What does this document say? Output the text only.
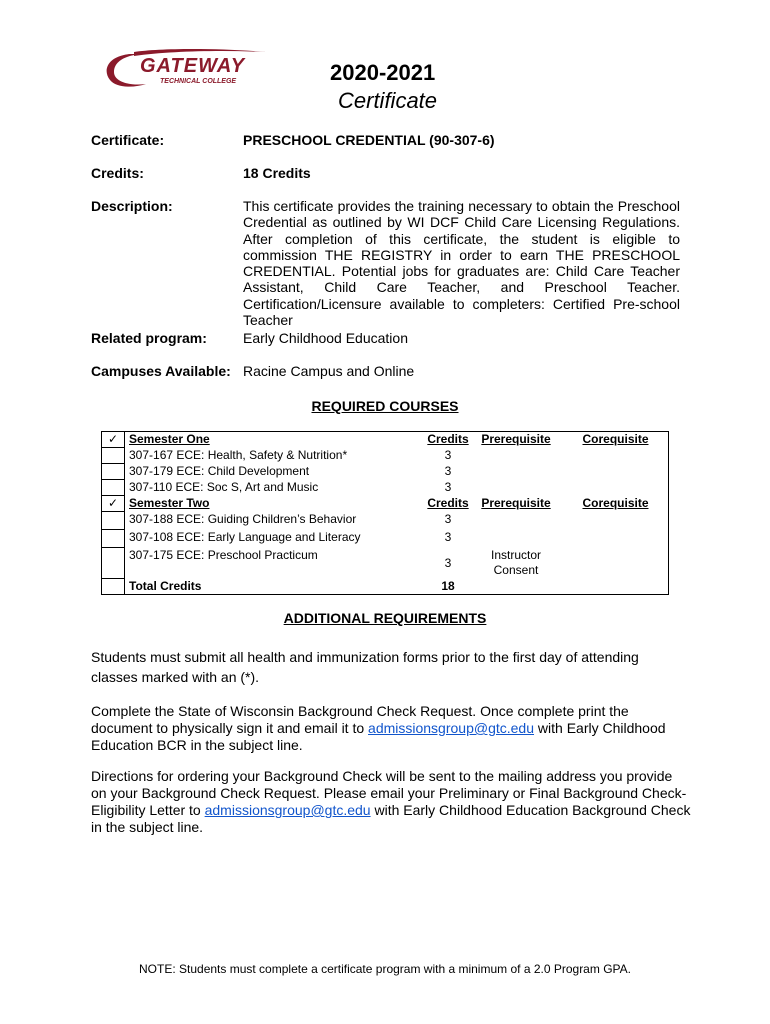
GATEWAY
TECHNICAL COLLEGE	2020-2021
Certificate
Certificate:	PRESCHOOL CREDENTIAL (90-307-6)
Credits:	18 Credits
Description:	This certificate provides the training necessary to obtain the Preschool Credential as outlined by WI DCF Child Care Licensing Regulations. After completion of this certificate, the student is eligible to commission THE REGISTRY in order to earn THE PRESCHOOL CREDENTIAL. Potential jobs for graduates are: Child Care Teacher Assistant, Child Care Teacher, and Preschool Teacher. Certification/Licensure available to completers: Certified Pre-school Teacher
Related program:	Early Childhood Education
Campuses Available: Racine Campus and Online
REQUIRED COURSES
✓	Semester One	Credits	Prerequisite	Corequisite
	307-167 ECE: Health, Safety & Nutrition*	3		
	307-179 ECE: Child Development	3		
	307-110 ECE: Soc S, Art and Music	3		
✓	Semester Two	Credits	Prerequisite	Corequisite
	307-188 ECE: Guiding Children’s Behavior	3		
	307-108 ECE: Early Language and Literacy	3		
	307-175 ECE: Preschool Practicum	3	Instructor
Consent	

	Total Credits	18		
ADDITIONAL REQUIREMENTS
Students must submit all health and immunization forms prior to the first day of attending
classes marked with an (*).
Complete the State of Wisconsin Background Check Request. Once complete print the document to physically sign it and email it to admissionsgroup@gtc.edu with Early Childhood Education BCR in the subject line.
Directions for ordering your Background Check will be sent to the mailing address you provide on your Background Check Request. Please email your Preliminary or Final Background Check-Eligibility Letter to admissionsgroup@gtc.edu with Early Childhood Education Background Check in the subject line.
NOTE: Students must complete a certificate program with a minimum of a 2.0 Program GPA.
